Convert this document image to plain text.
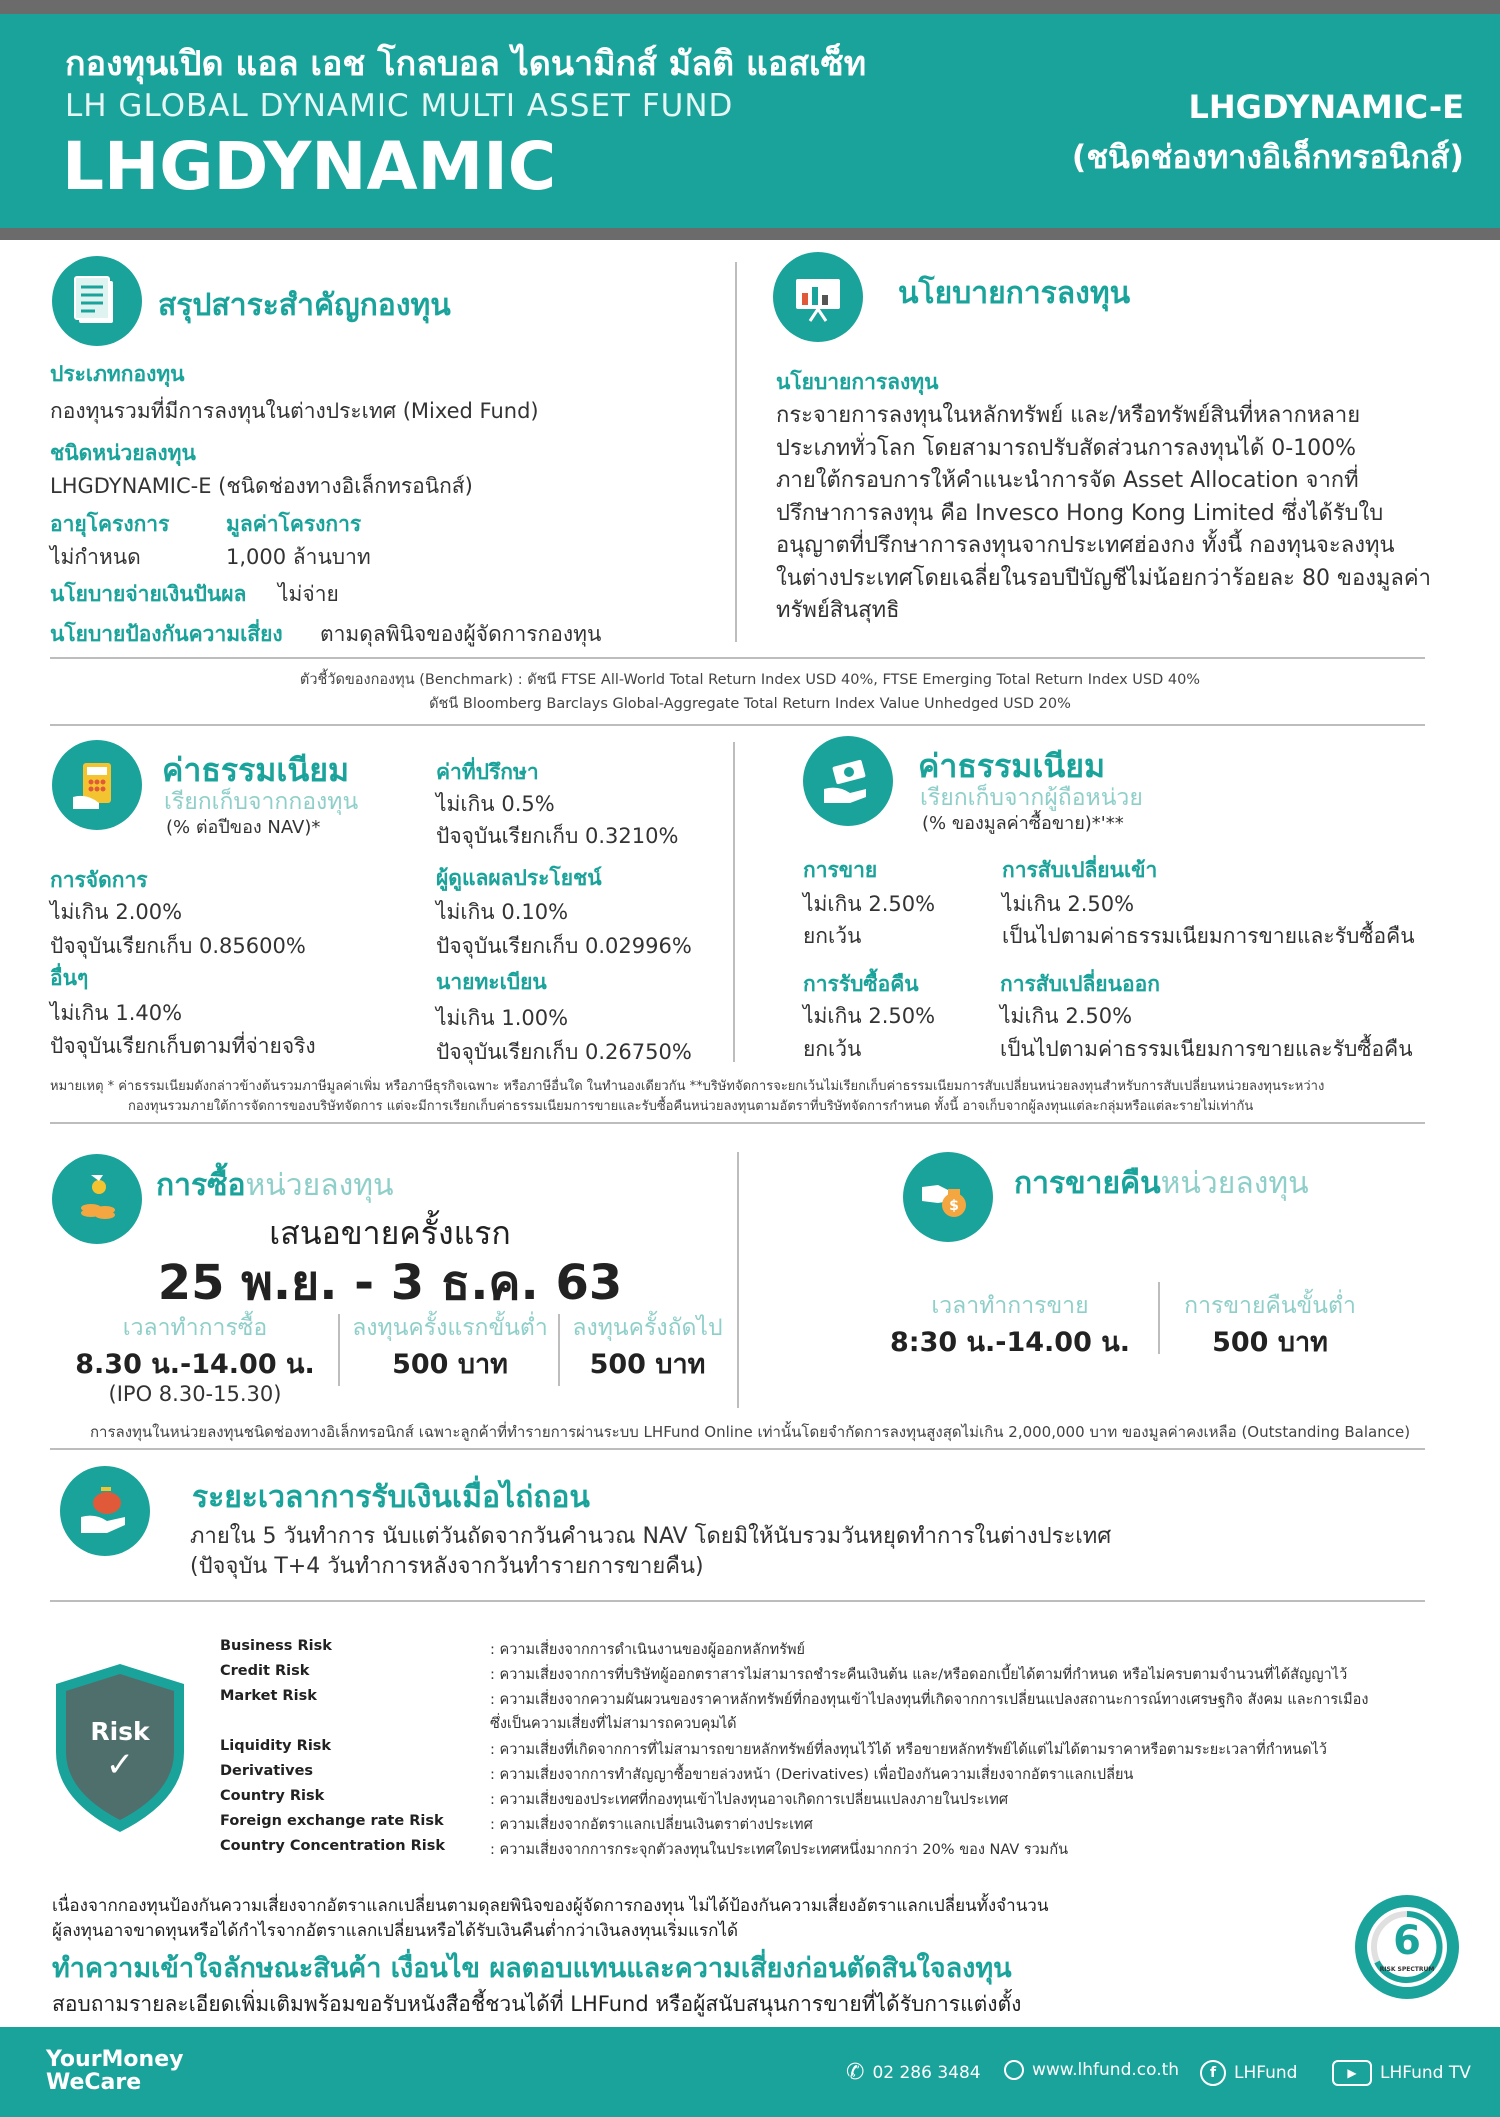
กองทุนเปิด แอล เอช โกลบอล ไดนามิกส์ มัลติ แอสเซ็ท
LH GLOBAL DYNAMIC MULTI ASSET FUND
LHGDYNAMIC
LHGDYNAMIC-E
(ชนิดช่องทางอิเล็กทรอนิกส์)
สรุปสาระสำคัญกองทุน
ประเภทกองทุน
กองทุนรวมที่มีการลงทุนในต่างประเทศ (Mixed Fund)
ชนิดหน่วยลงทุน
LHGDYNAMIC-E (ชนิดช่องทางอิเล็กทรอนิกส์)
อายุโครงการ
ไม่กำหนด
มูลค่าโครงการ
1,000 ล้านบาท
นโยบายจ่ายเงินปันผล ไม่จ่าย
นโยบายป้องกันความเสี่ยง ตามดุลพินิจของผู้จัดการกองทุน
นโยบายการลงทุน
นโยบายการลงทุน
กระจายการลงทุนในหลักทรัพย์ และ/หรือทรัพย์สินที่หลากหลาย
ประเภททั่วโลก โดยสามารถปรับสัดส่วนการลงทุนได้ 0-100%
ภายใต้กรอบการให้คำแนะนำการจัด Asset Allocation จากที่
ปรึกษาการลงทุน คือ Invesco Hong Kong Limited ซึ่งได้รับใบ
อนุญาตที่ปรึกษาการลงทุนจากประเทศฮ่องกง ทั้งนี้ กองทุนจะลงทุน
ในต่างประเทศโดยเฉลี่ยในรอบปีบัญชีไม่น้อยกว่าร้อยละ 80 ของมูลค่า
ทรัพย์สินสุทธิ
ตัวชี้วัดของกองทุน (Benchmark) : ดัชนี FTSE All-World Total Return Index USD 40%, FTSE Emerging Total Return Index USD 40%
ดัชนี Bloomberg Barclays Global-Aggregate Total Return Index Value Unhedged USD 20%
ค่าธรรมเนียม
เรียกเก็บจากกองทุน
(% ต่อปีของ NAV)*
การจัดการ
ไม่เกิน 2.00%
ปัจจุบันเรียกเก็บ 0.85600%
อื่นๆ
ไม่เกิน 1.40%
ปัจจุบันเรียกเก็บตามที่จ่ายจริง
ค่าที่ปรึกษา
ไม่เกิน 0.5%
ปัจจุบันเรียกเก็บ 0.3210%
ผู้ดูแลผลประโยชน์
ไม่เกิน 0.10%
ปัจจุบันเรียกเก็บ 0.02996%
นายทะเบียน
ไม่เกิน 1.00%
ปัจจุบันเรียกเก็บ 0.26750%
ค่าธรรมเนียม
เรียกเก็บจากผู้ถือหน่วย
(% ของมูลค่าซื้อขาย)*'**
การขาย
ไม่เกิน 2.50%
ยกเว้น
การสับเปลี่ยนเข้า
ไม่เกิน 2.50%
เป็นไปตามค่าธรรมเนียมการขายและรับซื้อคืน
การรับซื้อคืน
ไม่เกิน 2.50%
ยกเว้น
การสับเปลี่ยนออก
ไม่เกิน 2.50%
เป็นไปตามค่าธรรมเนียมการขายและรับซื้อคืน
หมายเหตุ * ค่าธรรมเนียมดังกล่าวข้างต้นรวมภาษีมูลค่าเพิ่ม หรือภาษีธุรกิจเฉพาะ หรือภาษีอื่นใด ในทำนองเดียวกัน **บริษัทจัดการจะยกเว้นไม่เรียกเก็บค่าธรรมเนียมการสับเปลี่ยนหน่วยลงทุนสำหรับการสับเปลี่ยนหน่วยลงทุนระหว่าง
กองทุนรวมภายใต้การจัดการของบริษัทจัดการ แต่จะมีการเรียกเก็บค่าธรรมเนียมการขายและรับซื้อคืนหน่วยลงทุนตามอัตราที่บริษัทจัดการกำหนด ทั้งนี้ อาจเก็บจากผู้ลงทุนแต่ละกลุ่มหรือแต่ละรายไม่เท่ากัน
การซื้อหน่วยลงทุน
เสนอขายครั้งแรก
25 พ.ย. - 3 ธ.ค. 63
เวลาทำการซื้อ
8.30 น.-14.00 น.
(IPO 8.30-15.30)
ลงทุนครั้งแรกขั้นต่ำ
500 บาท
ลงทุนครั้งถัดไป
500 บาท
$
การขายคืนหน่วยลงทุน
เวลาทำการขาย
8:30 น.-14.00 น.
การขายคืนขั้นต่ำ
500 บาท
การลงทุนในหน่วยลงทุนชนิดช่องทางอิเล็กทรอนิกส์ เฉพาะลูกค้าที่ทำรายการผ่านระบบ LHFund Online เท่านั้นโดยจำกัดการลงทุนสูงสุดไม่เกิน 2,000,000 บาท ของมูลค่าคงเหลือ (Outstanding Balance)
ระยะเวลาการรับเงินเมื่อไถ่ถอน
ภายใน 5 วันทำการ นับแต่วันถัดจากวันคำนวณ NAV โดยมิให้นับรวมวันหยุดทำการในต่างประเทศ
(ปัจจุบัน T+4 วันทำการหลังจากวันทำรายการขายคืน)
Risk
✓
Business Risk	: ความเสี่ยงจากการดำเนินงานของผู้ออกหลักทรัพย์
Credit Risk	: ความเสี่ยงจากการที่บริษัทผู้ออกตราสารไม่สามารถชำระคืนเงินต้น และ/หรือดอกเบี้ยได้ตามที่กำหนด หรือไม่ครบตามจำนวนที่ได้สัญญาไว้
Market Risk	: ความเสี่ยงจากความผันผวนของราคาหลักทรัพย์ที่กองทุนเข้าไปลงทุนที่เกิดจากการเปลี่ยนแปลงสถานะการณ์ทางเศรษฐกิจ สังคม และการเมือง
ซึ่งเป็นความเสี่ยงที่ไม่สามารถควบคุมได้
Liquidity Risk	: ความเสี่ยงที่เกิดจากการที่ไม่สามารถขายหลักทรัพย์ที่ลงทุนไว้ได้ หรือขายหลักทรัพย์ได้แต่ไม่ได้ตามราคาหรือตามระยะเวลาที่กำหนดไว้
Derivatives	: ความเสี่ยงจากการทำสัญญาซื้อขายล่วงหน้า (Derivatives) เพื่อป้องกันความเสี่ยงจากอัตราแลกเปลี่ยน
Country Risk	: ความเสี่ยงของประเทศที่กองทุนเข้าไปลงทุนอาจเกิดการเปลี่ยนแปลงภายในประเทศ
Foreign exchange rate Risk	: ความเสี่ยงจากอัตราแลกเปลี่ยนเงินตราต่างประเทศ
Country Concentration Risk	: ความเสี่ยงจากการกระจุกตัวลงทุนในประเทศใดประเทศหนึ่งมากกว่า 20% ของ NAV รวมกัน
เนื่องจากกองทุนป้องกันความเสี่ยงจากอัตราแลกเปลี่ยนตามดุลยพินิจของผู้จัดการกองทุน ไม่ได้ป้องกันความเสี่ยงอัตราแลกเปลี่ยนทั้งจำนวน
ผู้ลงทุนอาจขาดทุนหรือได้กำไรจากอัตราแลกเปลี่ยนหรือได้รับเงินคืนต่ำกว่าเงินลงทุนเริ่มแรกได้
ทำความเข้าใจลักษณะสินค้า เงื่อนไข ผลตอบแทนและความเสี่ยงก่อนตัดสินใจลงทุน
สอบถามรายละเอียดเพิ่มเติมพร้อมขอรับหนังสือชี้ชวนได้ที่ LHFund หรือผู้สนับสนุนการขายที่ได้รับการแต่งตั้ง
6
RISK SPECTRUM
YourMoney
WeCare	✆ 02 286 3484	www.lhfund.co.th	f	LHFund	▶	LHFund TV
